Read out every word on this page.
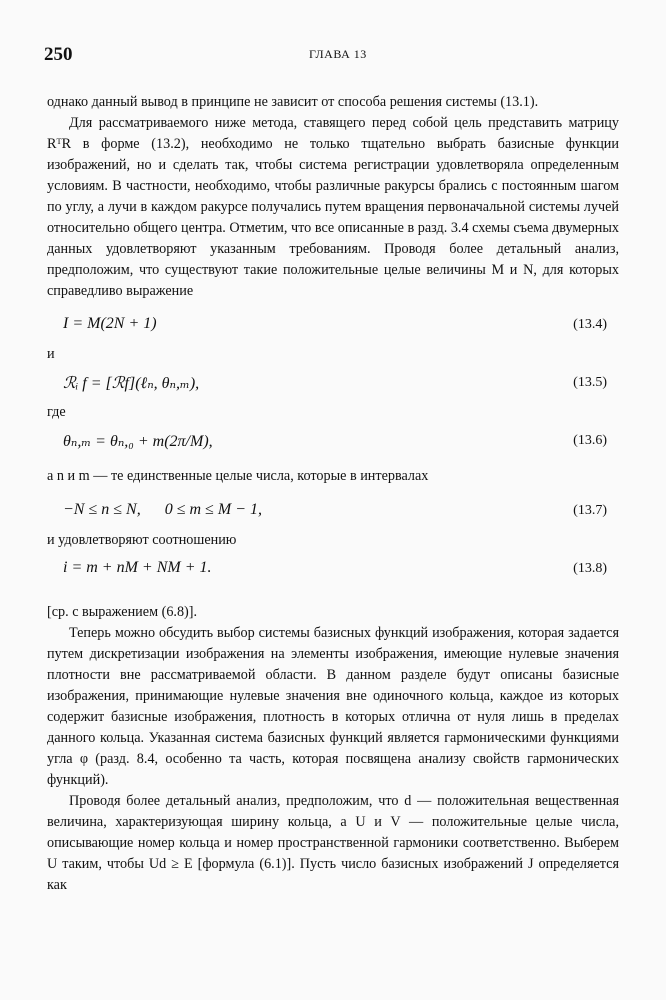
250	ГЛАВА 13

однако данный вывод в принципе не зависит от способа решения системы (13.1).

Для рассматриваемого ниже метода, ставящего перед собой цель представить матрицу RᵀR в форме (13.2), необходимо не только тщательно выбрать базисные функции изображений, но и сделать так, чтобы система регистрации удовлетворяла определенным условиям. В частности, необходимо, чтобы различные ракурсы брались с постоянным шагом по углу, а лучи в каждом ракурсе получались путем вращения первоначальной системы лучей относительно общего центра. Отметим, что все описанные в разд. 3.4 схемы съема двумерных данных удовлетворяют указанным требованиям. Проводя более детальный анализ, предположим, что существуют такие положительные целые величины M и N, для которых справедливо выражение

I = M(2N + 1)	(13.4)

и

ℛᵢ f = [ℛf](ℓₙ, θₙ,ₘ),	(13.5)

где

θₙ,ₘ = θₙ,₀ + m(2π/M),	(13.6)

а n и m — те единственные целые числа, которые в интервалах

−N ≤ n ≤ N,      0 ≤ m ≤ M − 1,	(13.7)

и удовлетворяют соотношению

i = m + nM + NM + 1.	(13.8)

[ср. с выражением (6.8)].

Теперь можно обсудить выбор системы базисных функций изображения, которая задается путем дискретизации изображения на элементы изображения, имеющие нулевые значения плотности вне рассматриваемой области. В данном разделе будут описаны базисные изображения, принимающие нулевые значения вне одиночного кольца, каждое из которых содержит базисные изображения, плотность в которых отлична от нуля лишь в пределах данного кольца. Указанная система базисных функций является гармоническими функциями угла φ (разд. 8.4, особенно та часть, которая посвящена анализу свойств гармонических функций).

Проводя более детальный анализ, предположим, что d — положительная вещественная величина, характеризующая ширину кольца, а U и V — положительные целые числа, описывающие номер кольца и номер пространственной гармоники соответственно. Выберем U таким, чтобы Ud ≥ E [формула (6.1)]. Пусть число базисных изображений J определяется как
